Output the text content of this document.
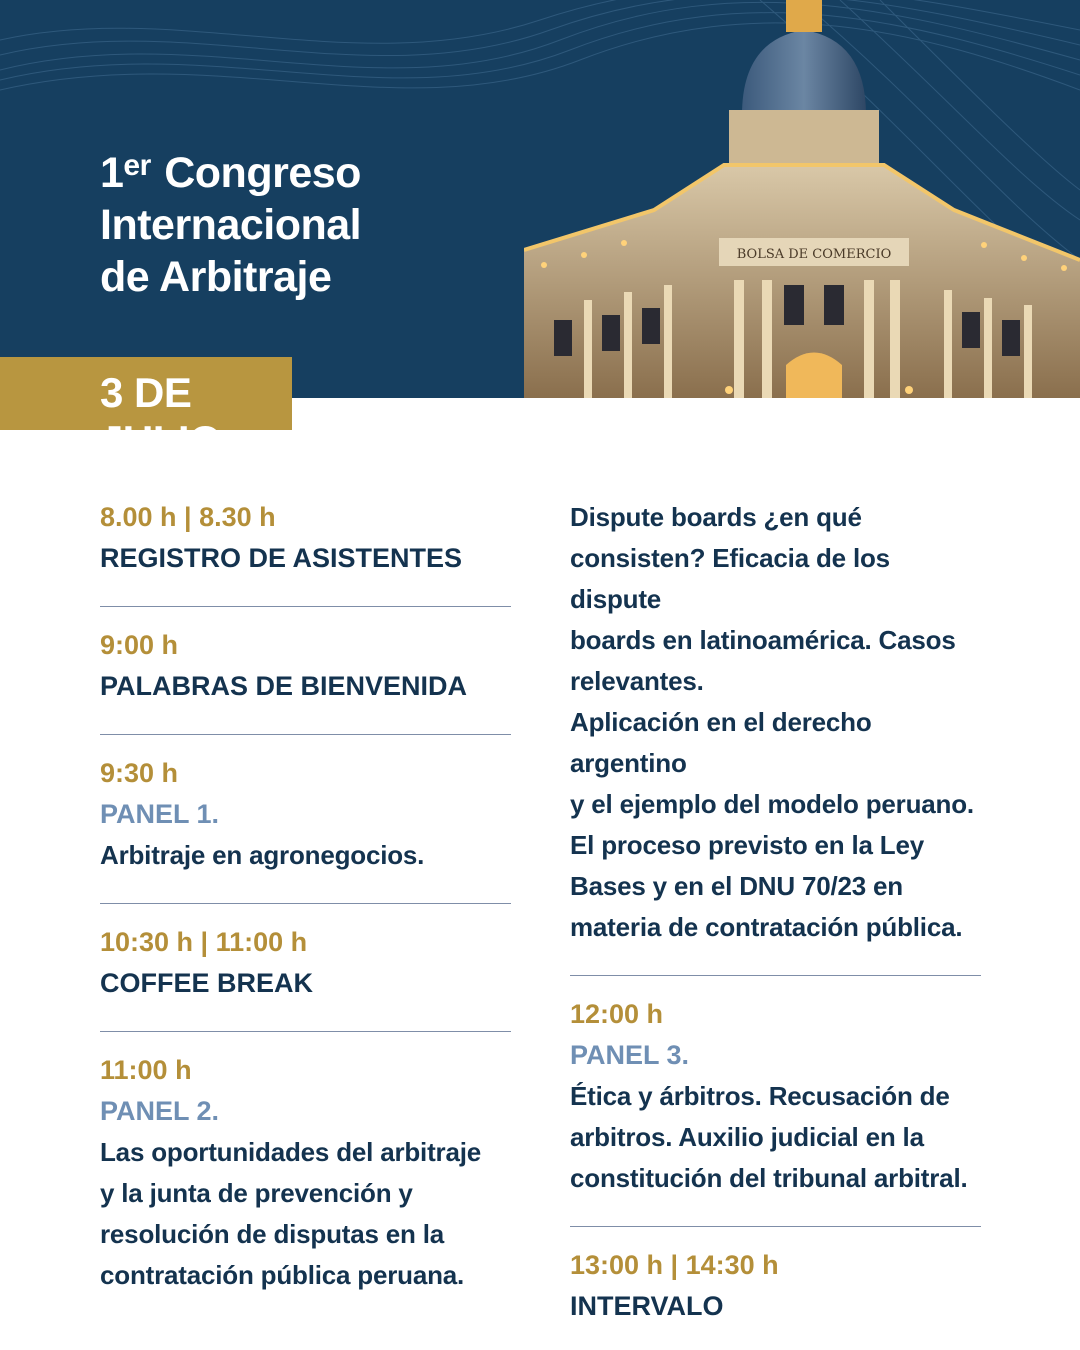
1er Congreso
Internacional
de Arbitraje	BOLSA DE COMERCIO
3 DE JULIO
8.00 h | 8.30 h
REGISTRO DE ASISTENTES
9:00 h
PALABRAS DE BIENVENIDA
9:30 h
PANEL 1.
Arbitraje en agronegocios.
10:30 h | 11:00 h
COFFEE BREAK
11:00 h
PANEL 2.
Las oportunidades del arbitraje
y la junta de prevención y
resolución de disputas en la
contratación pública peruana.
Dispute boards ¿en qué
consisten? Eficacia de los dispute
boards en latinoamérica. Casos
relevantes.
Aplicación en el derecho argentino
y el ejemplo del modelo peruano.
El proceso previsto en la Ley
Bases y en el DNU 70/23 en
materia de contratación pública.
12:00 h
PANEL 3.
Ética y árbitros. Recusación de
arbitros. Auxilio judicial en la
constitución del tribunal arbitral.
13:00 h | 14:30 h
INTERVALO
